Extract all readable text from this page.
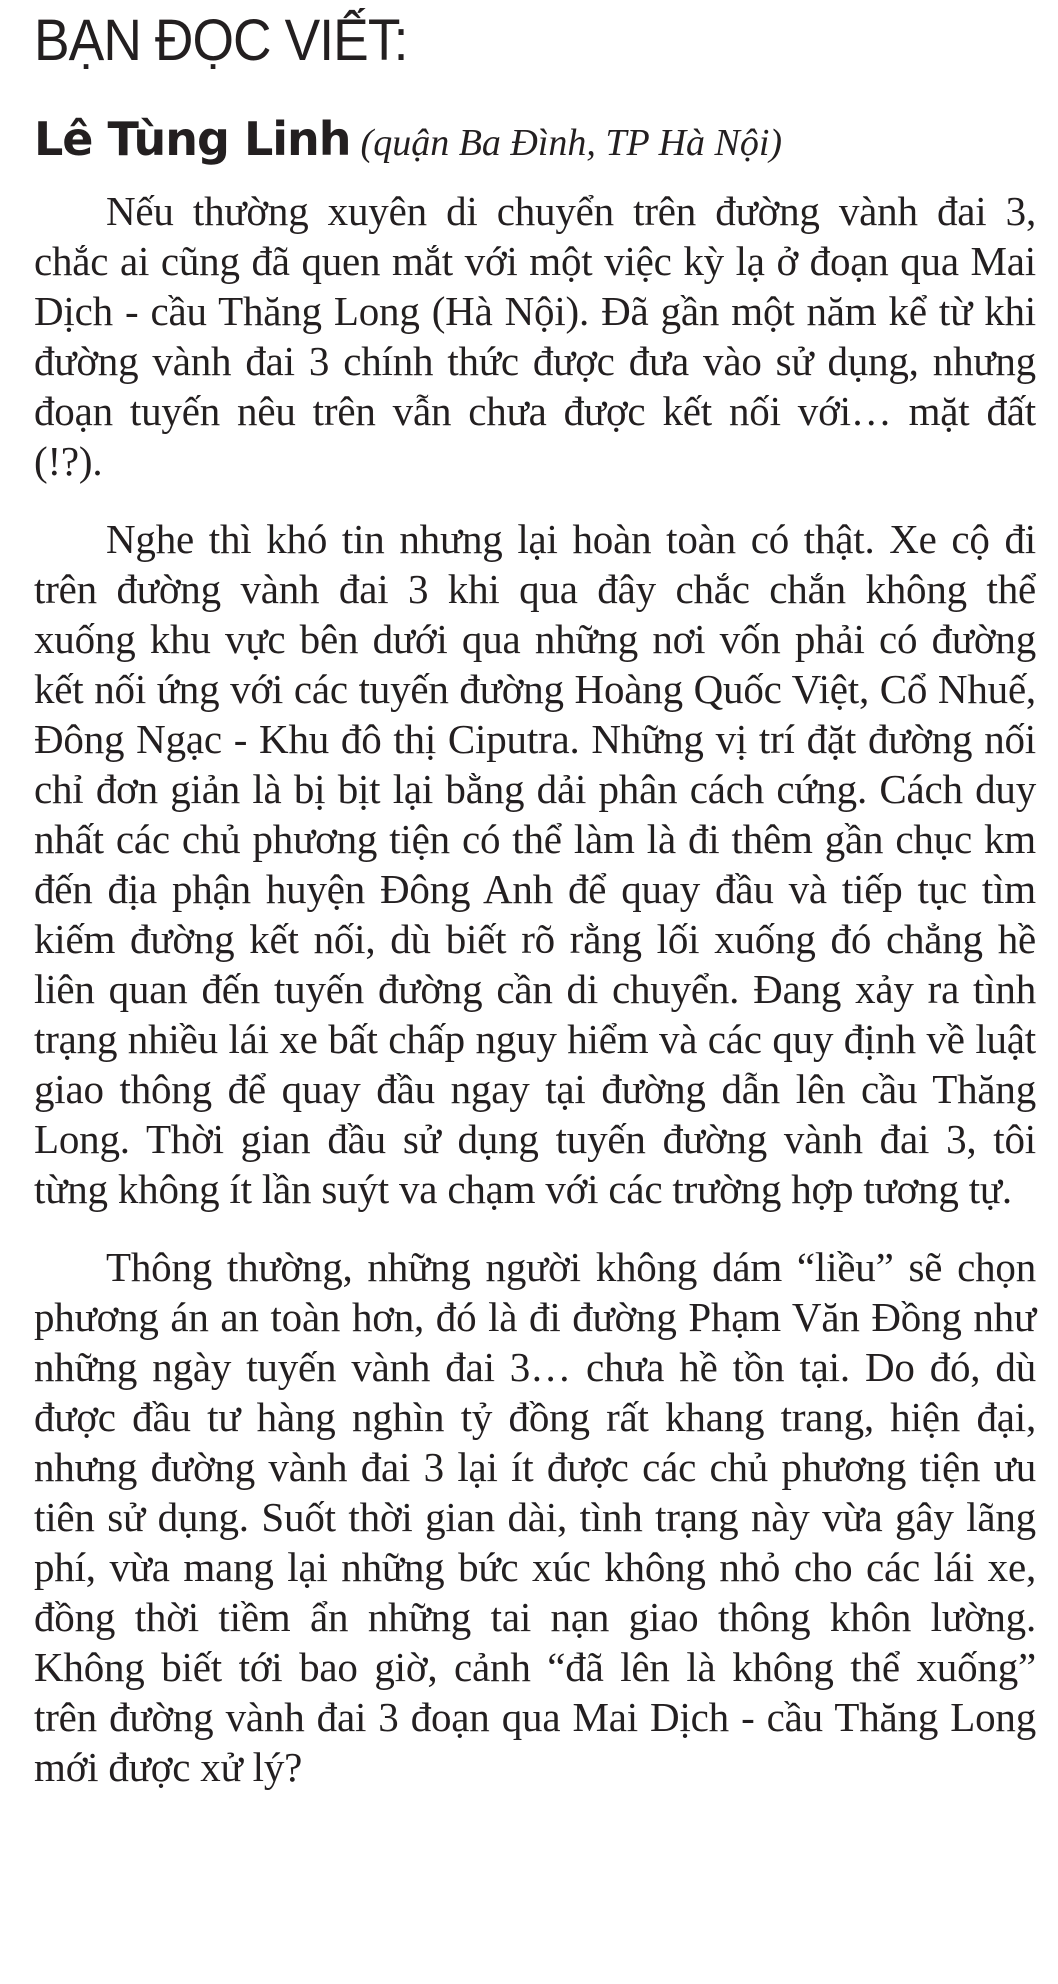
BẠN ĐỌC VIẾT:
Lê Tùng Linh (quận Ba Đình, TP Hà Nội)

Nếu thường xuyên di chuyển trên đường vành đai 3, chắc ai cũng đã quen mắt với một việc kỳ lạ ở đoạn qua Mai Dịch - cầu Thăng Long (Hà Nội). Đã gần một năm kể từ khi đường vành đai 3 chính thức được đưa vào sử dụng, nhưng đoạn tuyến nêu trên vẫn chưa được kết nối với… mặt đất (!?).

Nghe thì khó tin nhưng lại hoàn toàn có thật. Xe cộ đi trên đường vành đai 3 khi qua đây chắc chắn không thể xuống khu vực bên dưới qua những nơi vốn phải có đường kết nối ứng với các tuyến đường Hoàng Quốc Việt, Cổ Nhuế, Đông Ngạc - Khu đô thị Ciputra. Những vị trí đặt đường nối chỉ đơn giản là bị bịt lại bằng dải phân cách cứng. Cách duy nhất các chủ phương tiện có thể làm là đi thêm gần chục km đến địa phận huyện Đông Anh để quay đầu và tiếp tục tìm kiếm đường kết nối, dù biết rõ rằng lối xuống đó chẳng hề liên quan đến tuyến đường cần di chuyển. Đang xảy ra tình trạng nhiều lái xe bất chấp nguy hiểm và các quy định về luật giao thông để quay đầu ngay tại đường dẫn lên cầu Thăng Long. Thời gian đầu sử dụng tuyến đường vành đai 3, tôi từng không ít lần suýt va chạm với các trường hợp tương tự.

Thông thường, những người không dám “liều” sẽ chọn phương án an toàn hơn, đó là đi đường Phạm Văn Đồng như những ngày tuyến vành đai 3… chưa hề tồn tại. Do đó, dù được đầu tư hàng nghìn tỷ đồng rất khang trang, hiện đại, nhưng đường vành đai 3 lại ít được các chủ phương tiện ưu tiên sử dụng. Suốt thời gian dài, tình trạng này vừa gây lãng phí, vừa mang lại những bức xúc không nhỏ cho các lái xe, đồng thời tiềm ẩn những tai nạn giao thông khôn lường. Không biết tới bao giờ, cảnh “đã lên là không thể xuống” trên đường vành đai 3 đoạn qua Mai Dịch - cầu Thăng Long mới được xử lý?
